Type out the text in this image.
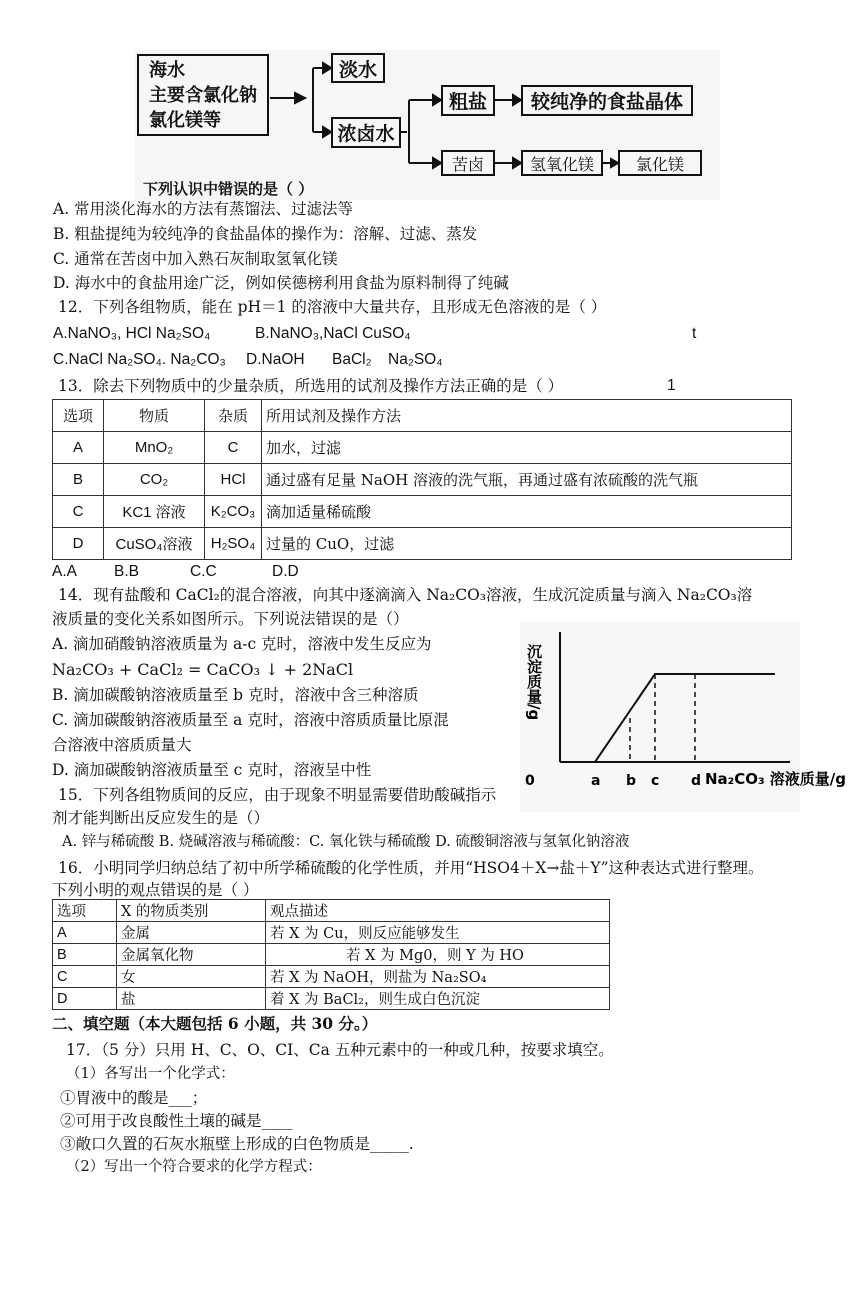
海水
主要含氯化钠
氯化镁等
淡水
浓卤水
粗盐 较纯净的食盐晶体
苦卤	氢氧化镁	氯化镁
下列认识中错误的是（ ）
A. 常用淡化海水的方法有蒸馏法、过滤法等
B. 粗盐提纯为较纯净的食盐晶体的操作为：溶解、过滤、蒸发
C. 通常在苦卤中加入熟石灰制取氢氧化镁
D. 海水中的食盐用途广泛，例如侯德榜利用食盐为原料制得了纯碱
12．下列各组物质，能在 pH＝1 的溶液中大量共存，且形成无色溶液的是（ ）
A.NaNO₃, HCl Na₂SO₄	B.NaNO₃,NaCl CuSO₄	t
C.NaCl Na₂SO₄. Na₂CO₃ D.NaOH BaCl₂ Na₂SO₄
13．除去下列物质中的少量杂质，所选用的试剂及操作方法正确的是（ ）	1
选项	物质	杂质	所用试剂及操作方法
A	MnO₂	C	加水，过滤
B	CO₂	HCl	通过盛有足量 NaOH 溶液的洗气瓶，再通过盛有浓硫酸的洗气瓶
C	KC1 溶液	K₂CO₃	滴加适量稀硫酸
D	CuSO₄溶液	H₂SO₄	过量的 CuO，过滤
A.A B.B	C.C	D.D
14．现有盐酸和 CaCl₂的混合溶液，向其中逐滴滴入 Na₂CO₃溶液，生成沉淀质量与滴入 Na₂CO₃溶
液质量的变化关系如图所示。下列说法错误的是（）
A. 滴加硝酸钠溶液质量为 a-c 克时，溶液中发生反应为
Na₂CO₃ + CaCl₂ = CaCO₃ ↓ + 2NaCl
B. 滴加碳酸钠溶液质量至 b 克时，溶液中含三种溶质
C. 滴加碳酸钠溶液质量至 a 克时，溶液中溶质质量比原混
合溶液中溶质质量大
D. 滴加碳酸钠溶液质量至 c 克时，溶液呈中性
沉淀质量/g
Na₂CO₃ 溶液质量/g
0	a b c d
15．下列各组物质间的反应，由于现象不明显需要借助酸碱指示
剂才能判断出反应发生的是（）
A. 锌与稀硫酸 B. 烧碱溶液与稀硫酸：C. 氧化铁与稀硫酸 D. 硫酸铜溶液与氢氧化钠溶液
16．小明同学归纳总结了初中所学稀硫酸的化学性质，并用“HSO4＋X→盐＋Y”这种表达式进行整理。
下列小明的观点错误的是（ ）
选项	X 的物质类别	观点描述
A	金属	若 X 为 Cu，则反应能够发生
B	金属氧化物	若 X 为 Mg0，则 Y 为 HO
C	女	若 X 为 NaOH，则盐为 Na₂SO₄
D	盐	着 X 为 BaCl₂，则生成白色沉淀
二、填空题（本大题包括 6 小题，共 30 分。）
17．（5 分）只用 H、C、O、CI、Ca 五种元素中的一种或几种，按要求填空。
（1）各写出一个化学式：
①胃液中的酸是___；
②可用于改良酸性土壤的碱是____
③敞口久置的石灰水瓶壁上形成的白色物质是_____.
（2）写出一个符合要求的化学方程式：
